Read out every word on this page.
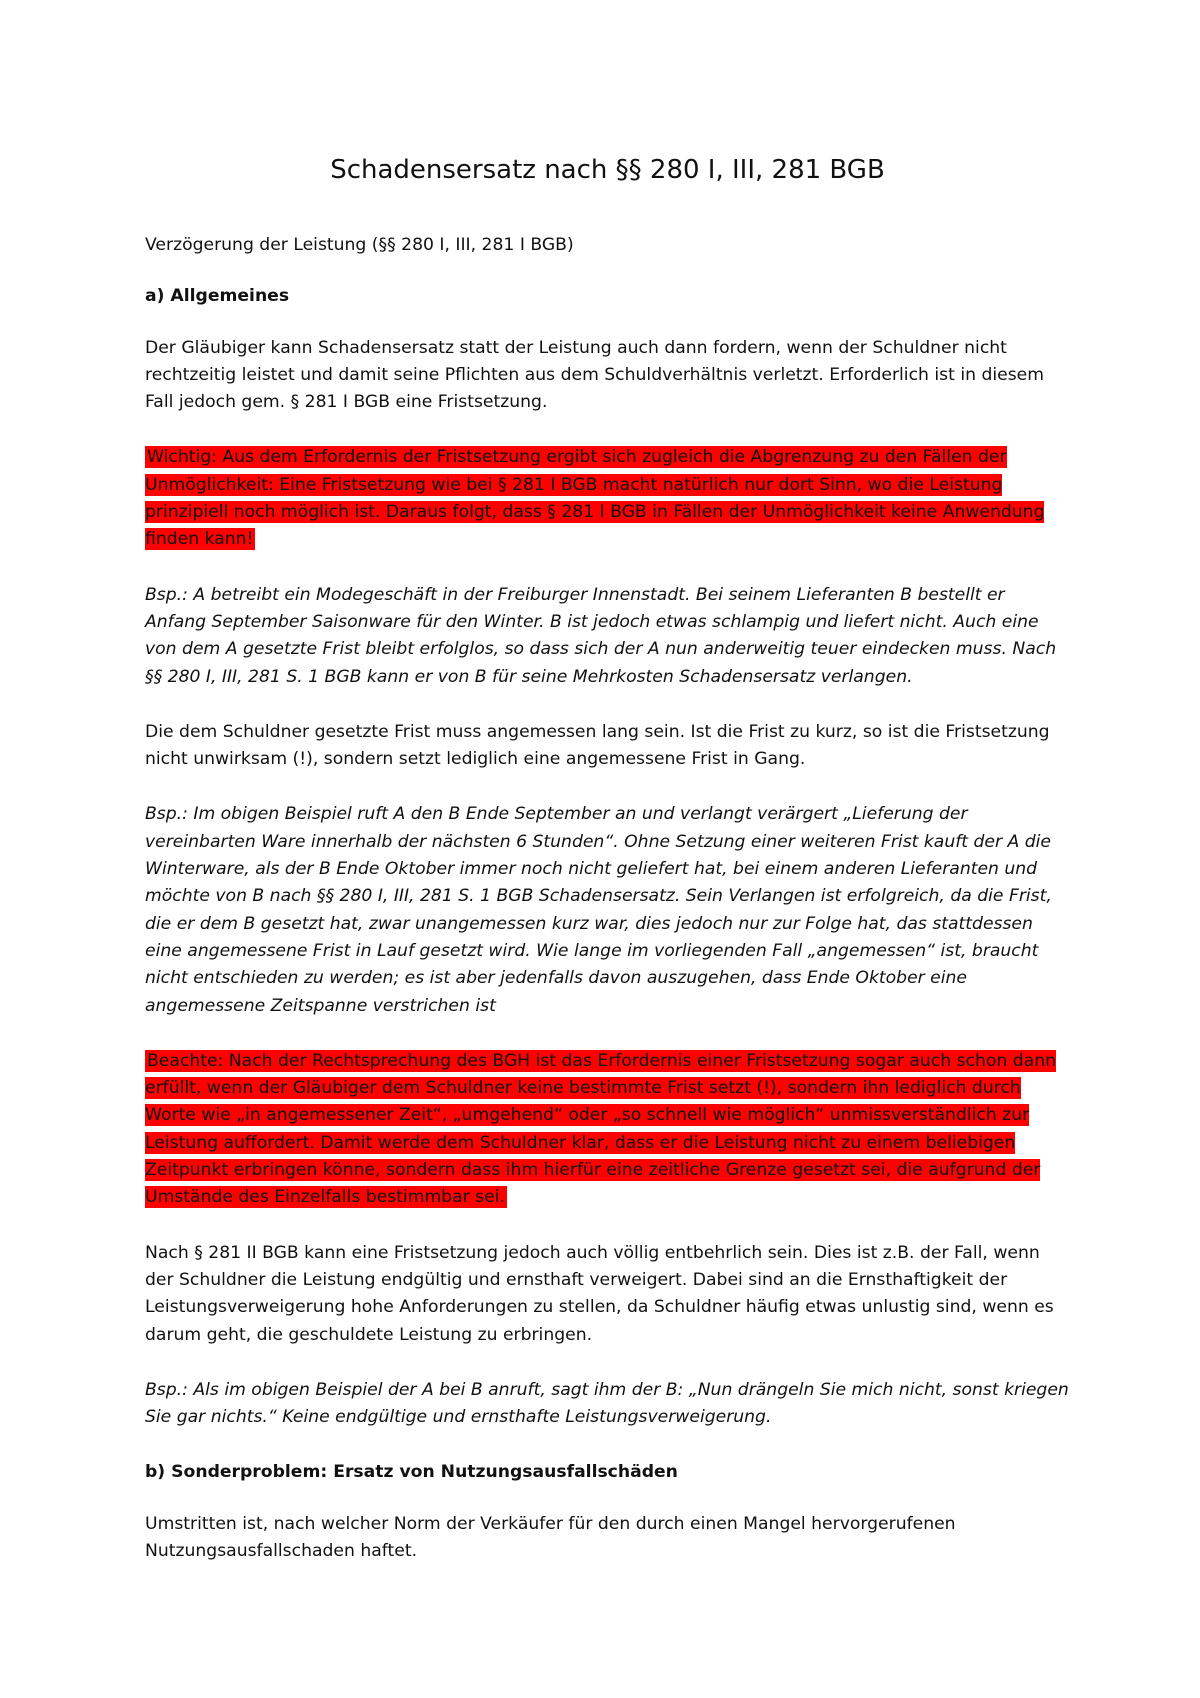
Schadensersatz nach §§ 280 I, III, 281 BGB

Verzögerung der Leistung (§§ 280 I, III, 281 I BGB)

a) Allgemeines

Der Gläubiger kann Schadensersatz statt der Leistung auch dann fordern, wenn der Schuldner nicht rechtzeitig leistet und damit seine Pflichten aus dem Schuldverhältnis verletzt. Erforderlich ist in diesem Fall jedoch gem. § 281 I BGB eine Fristsetzung.

Wichtig: Aus dem Erfordernis der Fristsetzung ergibt sich zugleich die Abgrenzung zu den Fällen der Unmöglichkeit: Eine Fristsetzung wie bei § 281 I BGB macht natürlich nur dort Sinn, wo die Leistung prinzipiell noch möglich ist. Daraus folgt, dass § 281 I BGB in Fällen der Unmöglichkeit keine Anwendung finden kann!

Bsp.: A betreibt ein Modegeschäft in der Freiburger Innenstadt. Bei seinem Lieferanten B bestellt er Anfang September Saisonware für den Winter. B ist jedoch etwas schlampig und liefert nicht. Auch eine von dem A gesetzte Frist bleibt erfolglos, so dass sich der A nun anderweitig teuer eindecken muss. Nach §§ 280 I, III, 281 S. 1 BGB kann er von B für seine Mehrkosten Schadensersatz verlangen.

Die dem Schuldner gesetzte Frist muss angemessen lang sein. Ist die Frist zu kurz, so ist die Fristsetzung nicht unwirksam (!), sondern setzt lediglich eine angemessene Frist in Gang.

Bsp.: Im obigen Beispiel ruft A den B Ende September an und verlangt verärgert „Lieferung der vereinbarten Ware innerhalb der nächsten 6 Stunden“. Ohne Setzung einer weiteren Frist kauft der A die Winterware, als der B Ende Oktober immer noch nicht geliefert hat, bei einem anderen Lieferanten und möchte von B nach §§ 280 I, III, 281 S. 1 BGB Schadensersatz. Sein Verlangen ist erfolgreich, da die Frist, die er dem B gesetzt hat, zwar unangemessen kurz war, dies jedoch nur zur Folge hat, das stattdessen eine angemessene Frist in Lauf gesetzt wird. Wie lange im vorliegenden Fall „angemessen“ ist, braucht nicht entschieden zu werden; es ist aber jedenfalls davon auszugehen, dass Ende Oktober eine angemessene Zeitspanne verstrichen ist

Beachte: Nach der Rechtsprechung des BGH ist das Erfordernis einer Fristsetzung sogar auch schon dann erfüllt, wenn der Gläubiger dem Schuldner keine bestimmte Frist setzt (!), sondern ihn lediglich durch Worte wie „in angemessener Zeit“, „umgehend“ oder „so schnell wie möglich“ unmissverständlich zur Leistung auffordert. Damit werde dem Schuldner klar, dass er die Leistung nicht zu einem beliebigen Zeitpunkt erbringen könne, sondern dass ihm hierfür eine zeitliche Grenze gesetzt sei, die aufgrund der Umstände des Einzelfalls bestimmbar sei.

Nach § 281 II BGB kann eine Fristsetzung jedoch auch völlig entbehrlich sein. Dies ist z.B. der Fall, wenn der Schuldner die Leistung endgültig und ernsthaft verweigert. Dabei sind an die Ernsthaftigkeit der Leistungsverweigerung hohe Anforderungen zu stellen, da Schuldner häufig etwas unlustig sind, wenn es darum geht, die geschuldete Leistung zu erbringen.

Bsp.: Als im obigen Beispiel der A bei B anruft, sagt ihm der B: „Nun drängeln Sie mich nicht, sonst kriegen Sie gar nichts.“ Keine endgültige und ernsthafte Leistungsverweigerung.

b) Sonderproblem: Ersatz von Nutzungsausfallschäden

Umstritten ist, nach welcher Norm der Verkäufer für den durch einen Mangel hervorgerufenen Nutzungsausfallschaden haftet.
